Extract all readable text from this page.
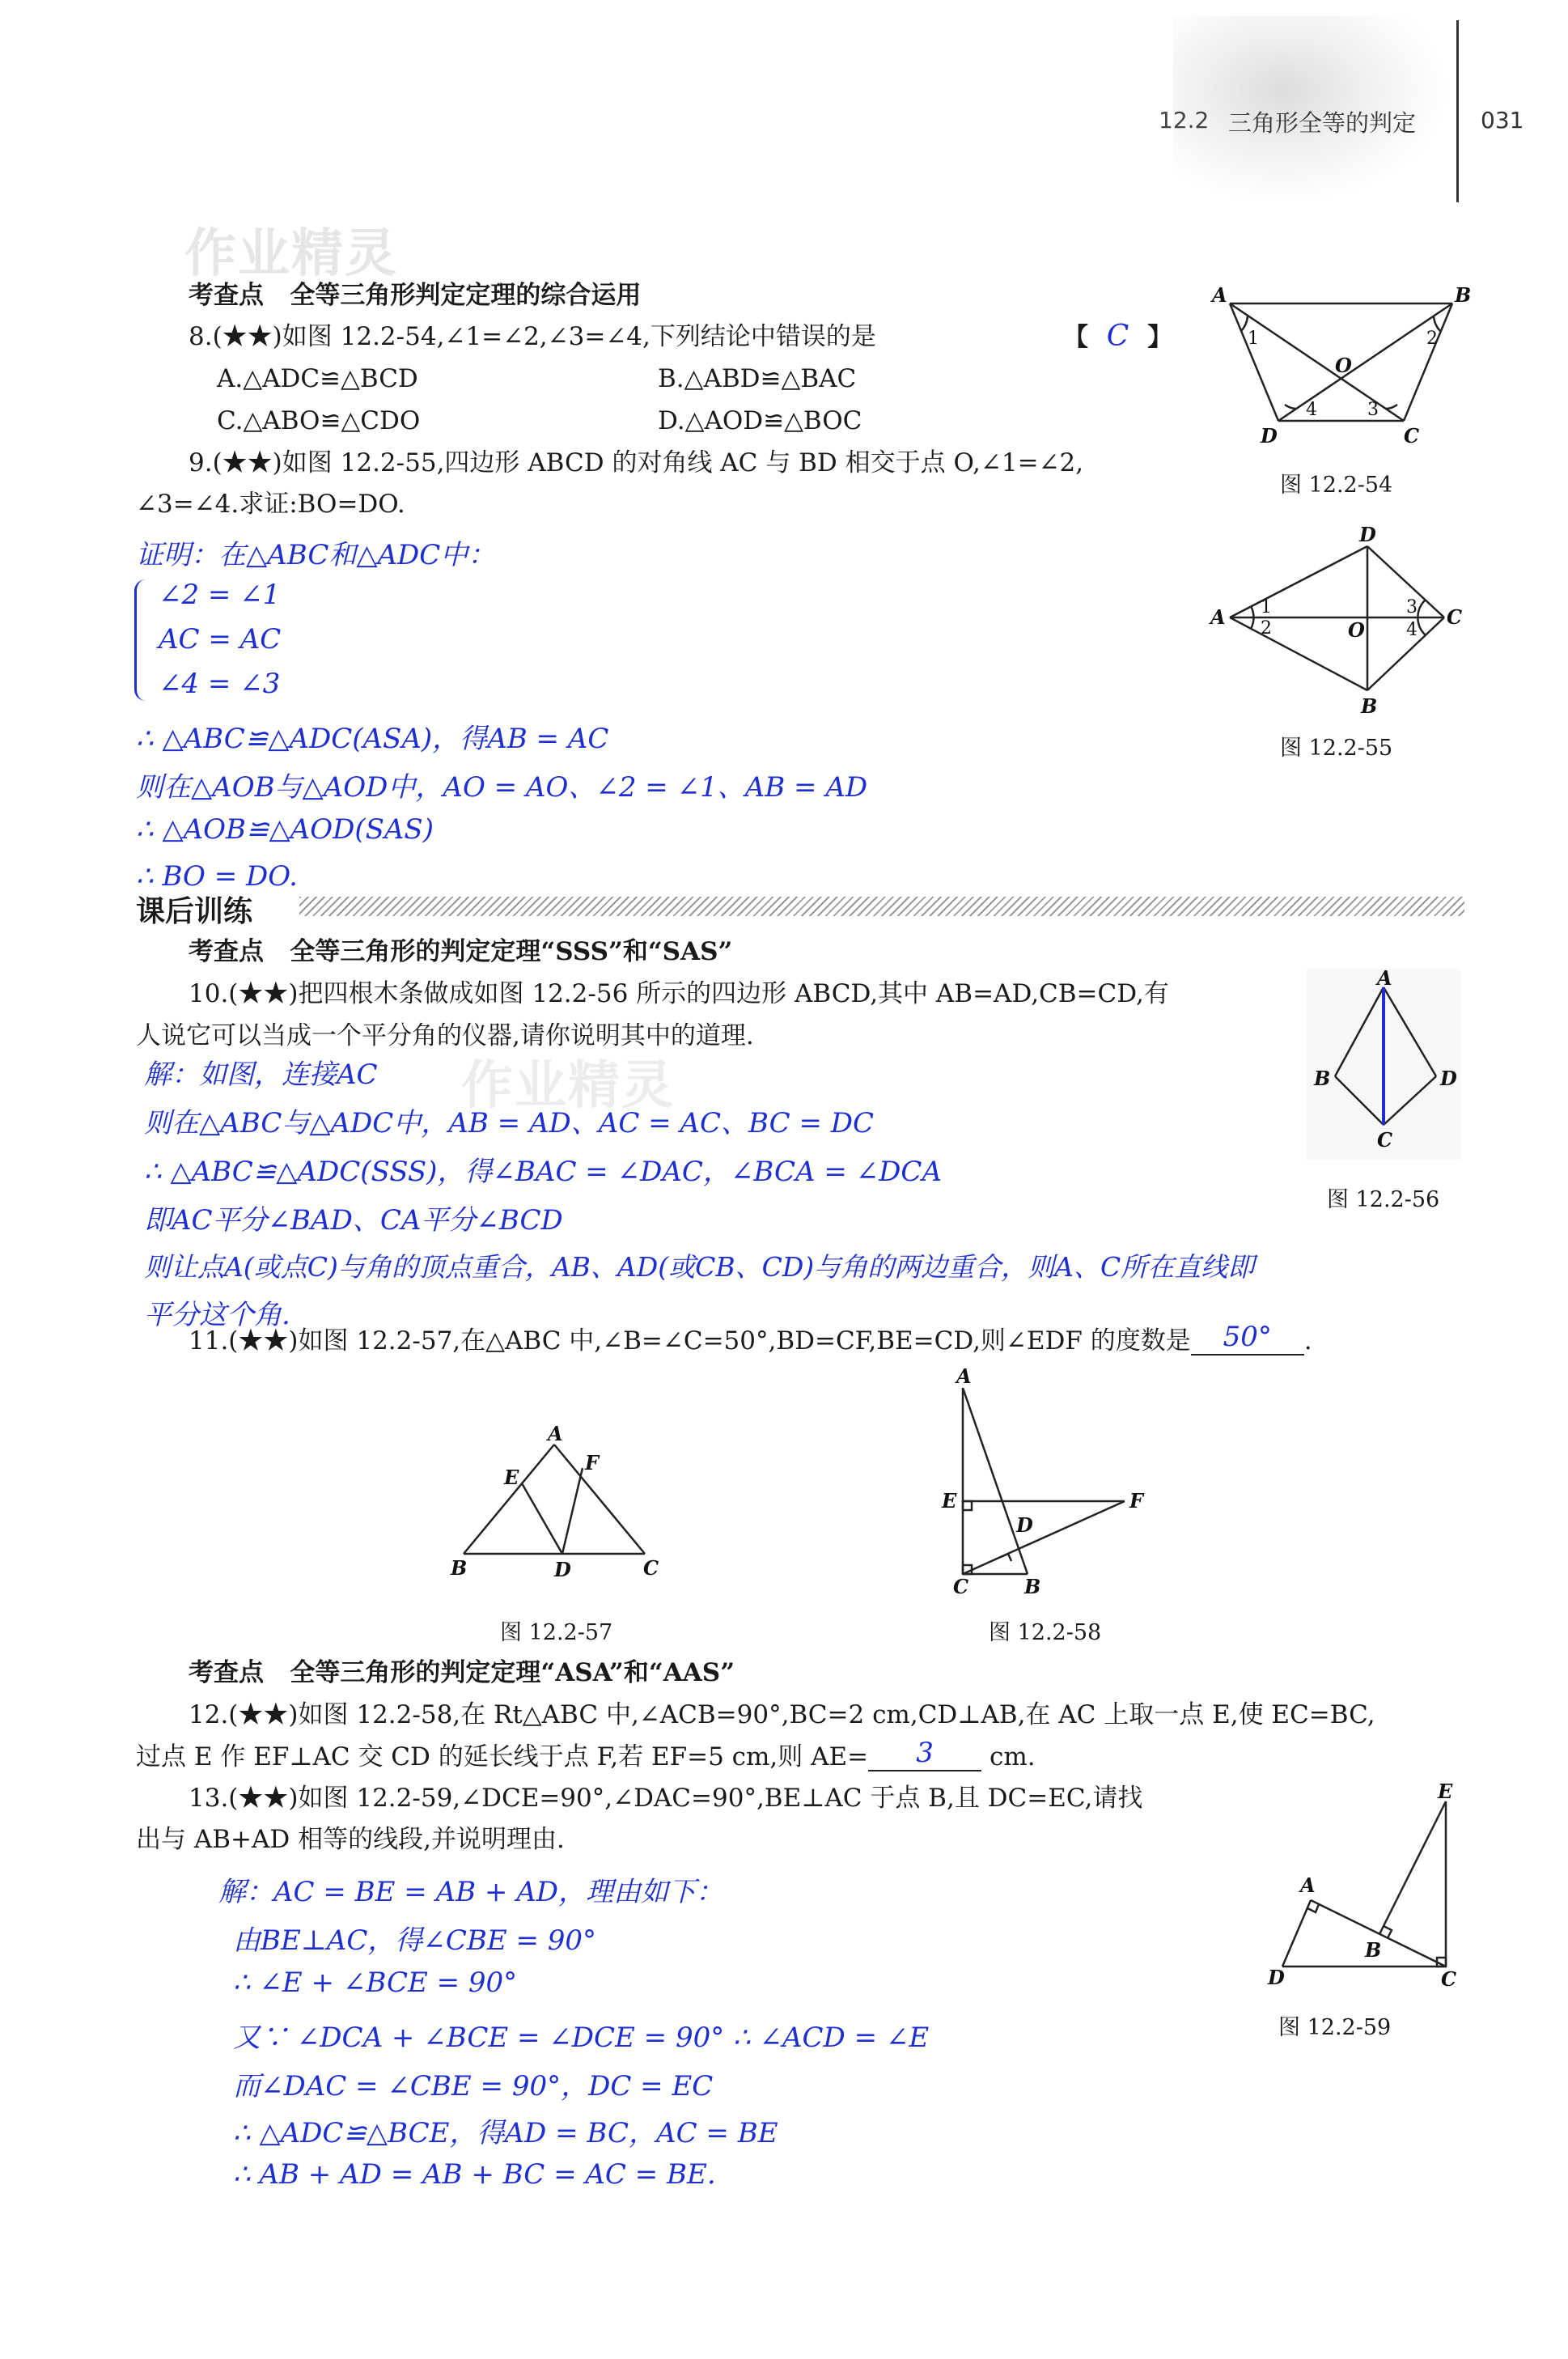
12.2 三角形全等的判定	031
作业精灵
作业精灵
考查点 全等三角形判定定理的综合运用
8.(★★)如图 12.2-54,∠1=∠2,∠3=∠4,下列结论中错误的是	【 C 】
A.△ADC≌△BCD	B.△ABD≌△BAC
C.△ABO≌△CDO	D.△AOD≌△BOC
9.(★★)如图 12.2-55,四边形 ABCD 的对角线 AC 与 BD 相交于点 O,∠1=∠2,
∠3=∠4.求证:BO=DO.
证明：在△ABC和△ADC中：
∠2 = ∠1
AC = AC
∠4 = ∠3
∴ △ABC≌△ADC(ASA)，得AB = AC
则在△AOB与△AOD中，AO = AO、∠2 = ∠1、AB = AD
∴ △AOB≌△AOD(SAS)
∴ BO = DO.
课后训练
考查点 全等三角形的判定定理“SSS”和“SAS”
10.(★★)把四根木条做成如图 12.2-56 所示的四边形 ABCD,其中 AB=AD,CB=CD,有
人说它可以当成一个平分角的仪器,请你说明其中的道理.
解：如图，连接AC
则在△ABC与△ADC中，AB = AD、AC = AC、BC = DC
∴ △ABC≌△ADC(SSS)，得∠BAC = ∠DAC，∠BCA = ∠DCA
即AC平分∠BAD、CA平分∠BCD
则让点A(或点C)与角的顶点重合，AB、AD(或CB、CD)与角的两边重合，则A、C所在直线即
平分这个角.
11.(★★)如图 12.2-57,在△ABC 中,∠B=∠C=50°,BD=CF,BE=CD,则∠EDF 的度数是 50° .
考查点 全等三角形的判定定理“ASA”和“AAS”
12.(★★)如图 12.2-58,在 Rt△ABC 中,∠ACB=90°,BC=2 cm,CD⊥AB,在 AC 上取一点 E,使 EC=BC,
过点 E 作 EF⊥AC 交 CD 的延长线于点 F,若 EF=5 cm,则 AE= 3 cm.
13.(★★)如图 12.2-59,∠DCE=90°,∠DAC=90°,BE⊥AC 于点 B,且 DC=EC,请找
出与 AB+AD 相等的线段,并说明理由.
解：AC = BE = AB + AD，理由如下：
由BE⊥AC，得∠CBE = 90°
∴ ∠E + ∠BCE = 90°
又∵ ∠DCA + ∠BCE = ∠DCE = 90° ∴ ∠ACD = ∠E
而∠DAC = ∠CBE = 90°，DC = EC
∴ △ADC≌△BCE，得AD = BC，AC = BE
∴ AB + AD = AB + BC = AC = BE.
A	B
D	C
O
1	2
4	3
图 12.2-54
D
A	C
B
O
1
2
3
4
图 12.2-55
A
B	D
C
图 12.2-56
A
E
F
B	D	C
图 12.2-57
A
E	F
D
C	B
图 12.2-58
E
A
B
D	C
图 12.2-59
